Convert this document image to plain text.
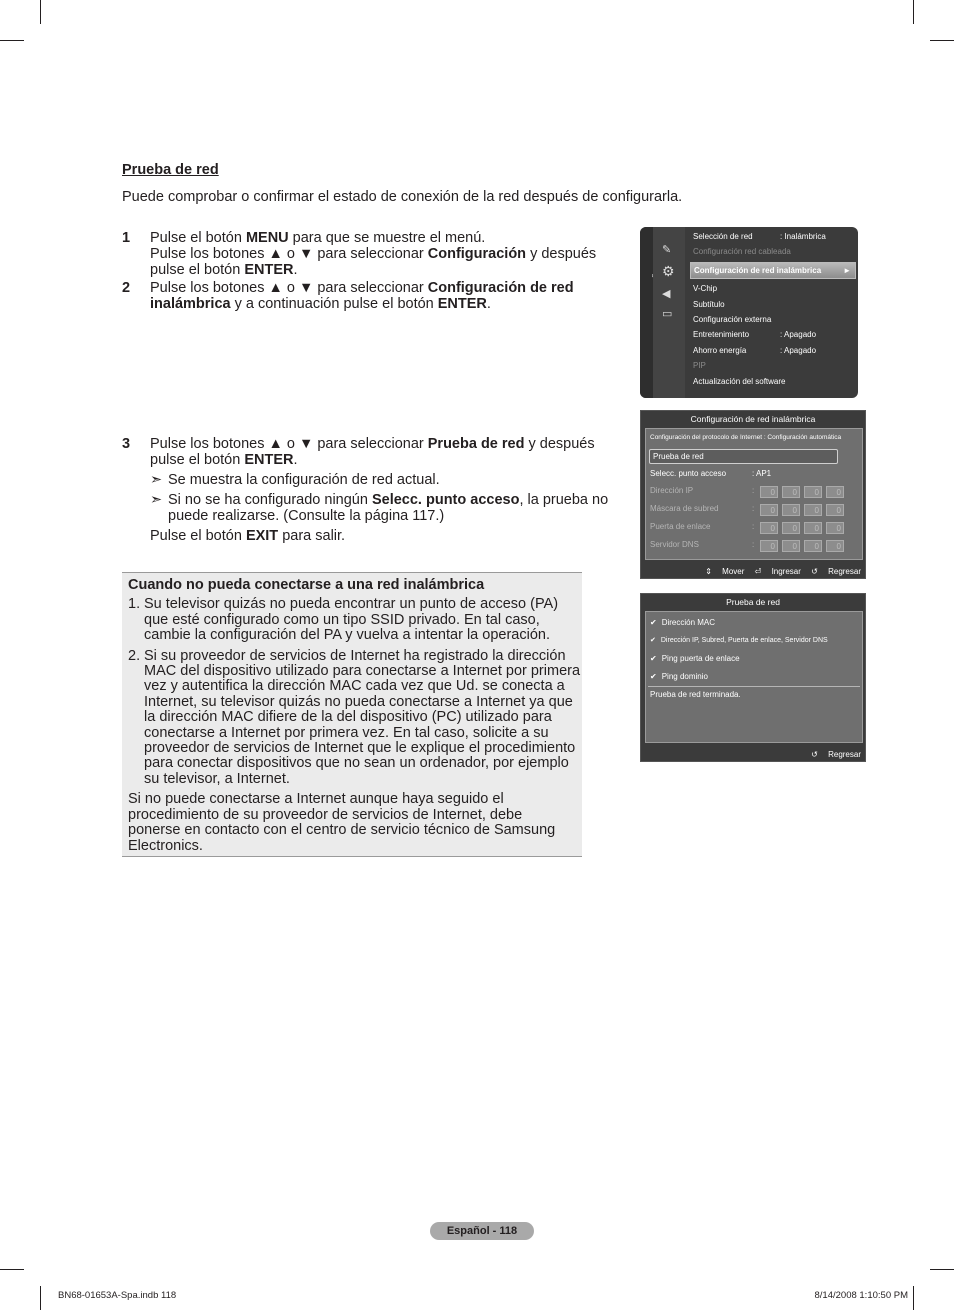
Prueba de red
Puede comprobar o confirmar el estado de conexión de la red después de configurarla.
1 Pulse el botón MENU para que se muestre el menú.
Pulse los botones ▲ o ▼ para seleccionar Configuración y después
pulse el botón ENTER.
2 Pulse los botones ▲ o ▼ para seleccionar Configuración de red
inalámbrica y a continuación pulse el botón ENTER.
3 Pulse los botones ▲ o ▼ para seleccionar Prueba de red y después
pulse el botón ENTER.
➣ Se muestra la configuración de red actual.
➣ Si no se ha configurado ningún Selecc. punto acceso, la prueba no
puede realizarse. (Consulte la página 117.)
Pulse el botón EXIT para salir.
Cuando no pueda conectarse a una red inalámbrica
1. Su televisor quizás no pueda encontrar un punto de acceso (PA) que esté configurado como un tipo SSID privado. En tal caso, cambie la configuración del PA y vuelva a intentar la operación.
2. Si su proveedor de servicios de Internet ha registrado la dirección MAC del dispositivo utilizado para conectarse a Internet por primera vez y autentifica la dirección MAC cada vez que Ud. se conecta a Internet, su televisor quizás no pueda conectarse a Internet ya que la dirección MAC difiere de la del dispositivo (PC) utilizado para conectarse a Internet por primera vez. En tal caso, solicite a su proveedor de servicios de Internet que le explique el procedimiento para conectar dispositivos que no sean un ordenador, por ejemplo su televisor, a Internet.
Si no puede conectarse a Internet aunque haya seguido el procedimiento de su proveedor de servicios de Internet, debe ponerse en contacto con el centro de servicio técnico de Samsung Electronics.
✎
⚙
◀
▭
Selección de red	: Inalámbrica
Configuración red cableada
Configuración de red inalámbrica	►
V-Chip
Subtítulo
Configuración externa
Entretenimiento	: Apagado
Ahorro energía	: Apagado
PIP
Actualización del software
Configuración de red inalámbrica
Configuración del protocolo de Internet : Configuración automática
Prueba de red
Selecc. punto acceso	: AP1
Dirección IP	:	0 0 0 0
Máscara de subred	:	0 0 0 0
Puerta de enlace	:	0 0 0 0
Servidor DNS	:	0 0 0 0
⇕ Mover ⏎ Ingresar ↺ Regresar
Prueba de red
✔ Dirección MAC
✔ Dirección IP, Subred, Puerta de enlace, Servidor DNS
✔ Ping puerta de enlace
✔ Ping dominio
Prueba de red terminada.
↺ Regresar
Español - 118
BN68-01653A-Spa.indb 118	8/14/2008 1:10:50 PM
